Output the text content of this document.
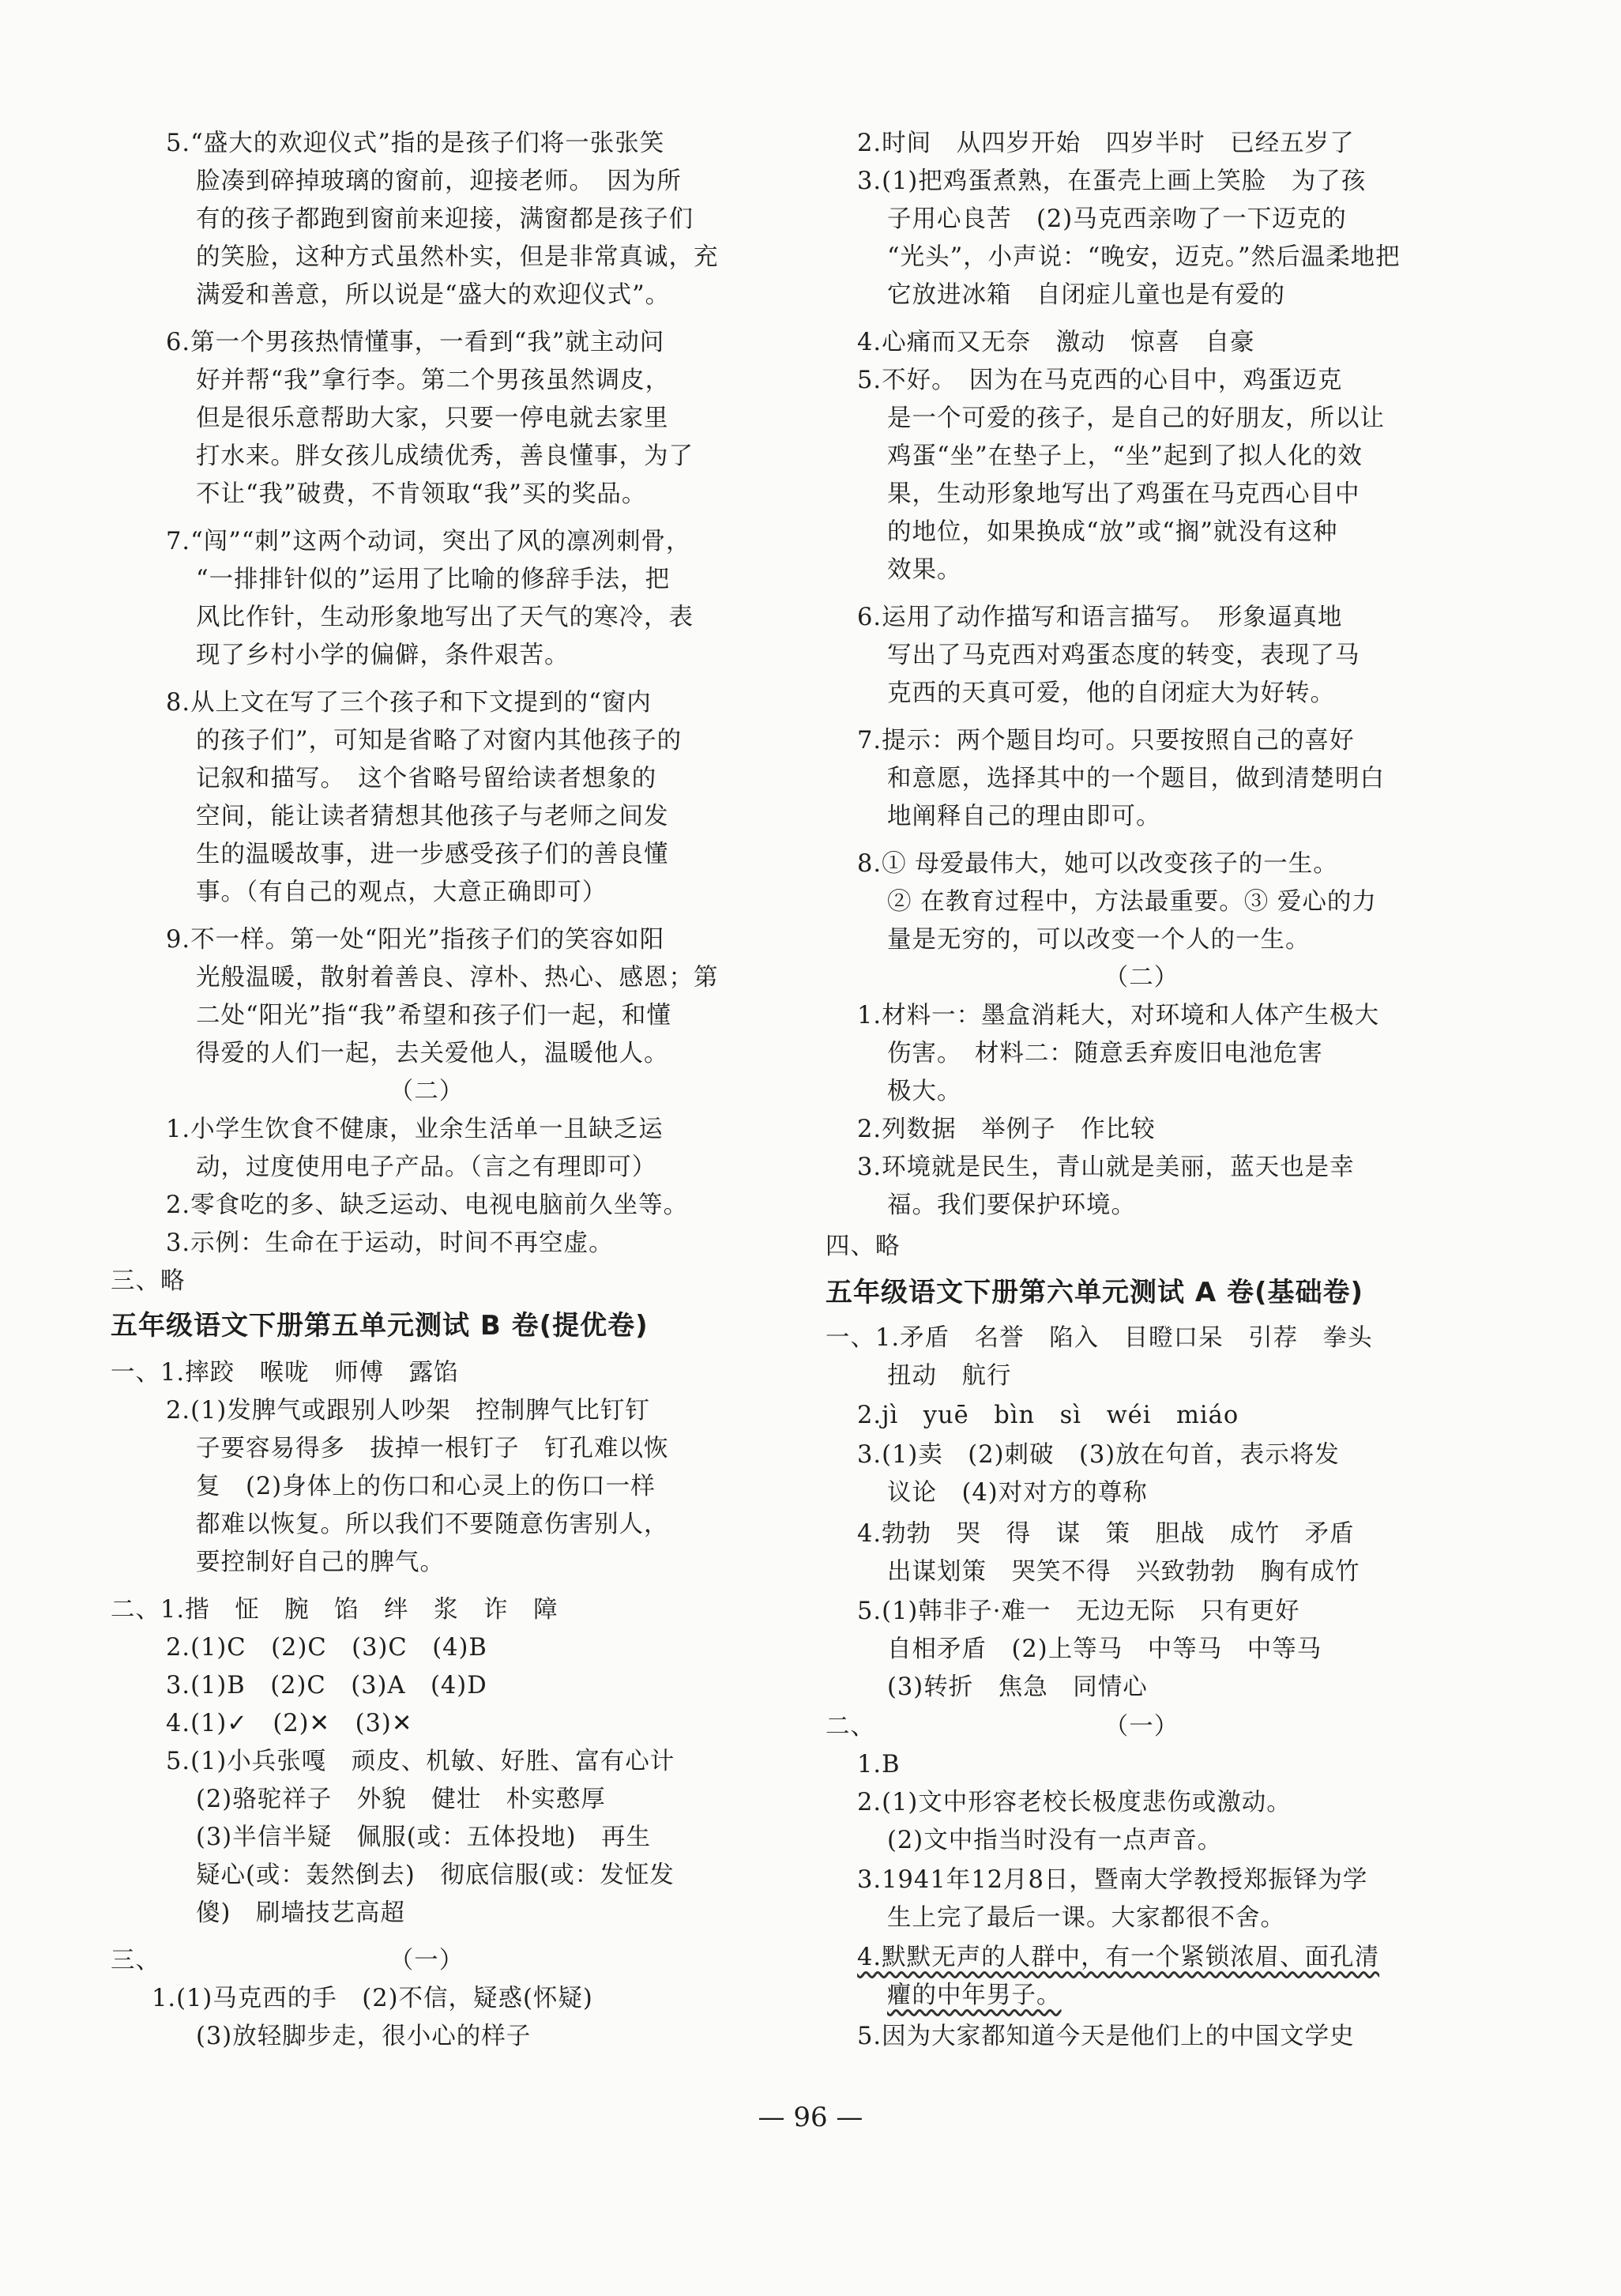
5.“盛大的欢迎仪式”指的是孩子们将一张张笑
脸凑到碎掉玻璃的窗前，迎接老师。　因为所
有的孩子都跑到窗前来迎接，满窗都是孩子们
的笑脸，这种方式虽然朴实，但是非常真诚，充
满爱和善意，所以说是“盛大的欢迎仪式”。
6.第一个男孩热情懂事，一看到“我”就主动问
好并帮“我”拿行李。第二个男孩虽然调皮，
但是很乐意帮助大家，只要一停电就去家里
打水来。胖女孩儿成绩优秀，善良懂事，为了
不让“我”破费，不肯领取“我”买的奖品。
7.“闯”“刺”这两个动词，突出了风的凛冽刺骨，
“一排排针似的”运用了比喻的修辞手法，把
风比作针，生动形象地写出了天气的寒冷，表
现了乡村小学的偏僻，条件艰苦。
8.从上文在写了三个孩子和下文提到的“窗内
的孩子们”，可知是省略了对窗内其他孩子的
记叙和描写。　这个省略号留给读者想象的
空间，能让读者猜想其他孩子与老师之间发
生的温暖故事，进一步感受孩子们的善良懂
事。（有自己的观点，大意正确即可）
9.不一样。第一处“阳光”指孩子们的笑容如阳
光般温暖，散射着善良、淳朴、热心、感恩；第
二处“阳光”指“我”希望和孩子们一起，和懂
得爱的人们一起，去关爱他人，温暖他人。
（二）
1.小学生饮食不健康，业余生活单一且缺乏运
动，过度使用电子产品。（言之有理即可）
2.零食吃的多、缺乏运动、电视电脑前久坐等。
3.示例：生命在于运动，时间不再空虚。
三、略
五年级语文下册第五单元测试 B 卷(提优卷)
一、1.摔跤　喉咙　师傅　露馅
2.(1)发脾气或跟别人吵架　控制脾气比钉钉
子要容易得多　拔掉一根钉子　钉孔难以恢
复　(2)身体上的伤口和心灵上的伤口一样
都难以恢复。所以我们不要随意伤害别人，
要控制好自己的脾气。
二、1.揩　怔　腕　馅　绊　浆　诈　障
2.(1)C　(2)C　(3)C　(4)B
3.(1)B　(2)C　(3)A　(4)D
4.(1)✓　(2)✕　(3)✕
5.(1)小兵张嘎　顽皮、机敏、好胜、富有心计
(2)骆驼祥子　外貌　健壮　朴实憨厚
(3)半信半疑　佩服(或：五体投地)　再生
疑心(或：轰然倒去)　彻底信服(或：发怔发
傻)　刷墙技艺高超
三、	（一）
1.(1)马克西的手　(2)不信，疑惑(怀疑)
(3)放轻脚步走，很小心的样子
2.时间　从四岁开始　四岁半时　已经五岁了
3.(1)把鸡蛋煮熟，在蛋壳上画上笑脸　为了孩
子用心良苦　(2)马克西亲吻了一下迈克的
“光头”，小声说：“晚安，迈克。”然后温柔地把
它放进冰箱　自闭症儿童也是有爱的
4.心痛而又无奈　激动　惊喜　自豪
5.不好。　因为在马克西的心目中，鸡蛋迈克
是一个可爱的孩子，是自己的好朋友，所以让
鸡蛋“坐”在垫子上，“坐”起到了拟人化的效
果，生动形象地写出了鸡蛋在马克西心目中
的地位，如果换成“放”或“搁”就没有这种
效果。
6.运用了动作描写和语言描写。　形象逼真地
写出了马克西对鸡蛋态度的转变，表现了马
克西的天真可爱，他的自闭症大为好转。
7.提示：两个题目均可。只要按照自己的喜好
和意愿，选择其中的一个题目，做到清楚明白
地阐释自己的理由即可。
8.① 母爱最伟大，她可以改变孩子的一生。
② 在教育过程中，方法最重要。③ 爱心的力
量是无穷的，可以改变一个人的一生。
（二）
1.材料一：墨盒消耗大，对环境和人体产生极大
伤害。　材料二：随意丢弃废旧电池危害
极大。
2.列数据　举例子　作比较
3.环境就是民生，青山就是美丽，蓝天也是幸
福。我们要保护环境。
四、略
五年级语文下册第六单元测试 A 卷(基础卷)
一、1.矛盾　名誉　陷入　目瞪口呆　引荐　拳头
扭动　航行
2.jì　yuē　bìn　sì　wéi　miáo
3.(1)卖　(2)刺破　(3)放在句首，表示将发
议论　(4)对对方的尊称
4.勃勃　哭　得　谋　策　胆战　成竹　矛盾
出谋划策　哭笑不得　兴致勃勃　胸有成竹
5.(1)韩非子·难一　无边无际　只有更好
自相矛盾　(2)上等马　中等马　中等马
(3)转折　焦急　同情心
二、	（一）
1.B
2.(1)文中形容老校长极度悲伤或激动。
(2)文中指当时没有一点声音。
3.1941年12月8日，暨南大学教授郑振铎为学
生上完了最后一课。大家都很不舍。
4.默默无声的人群中，有一个紧锁浓眉、面孔清
癯的中年男子。
5.因为大家都知道今天是他们上的中国文学史
— 96 —
